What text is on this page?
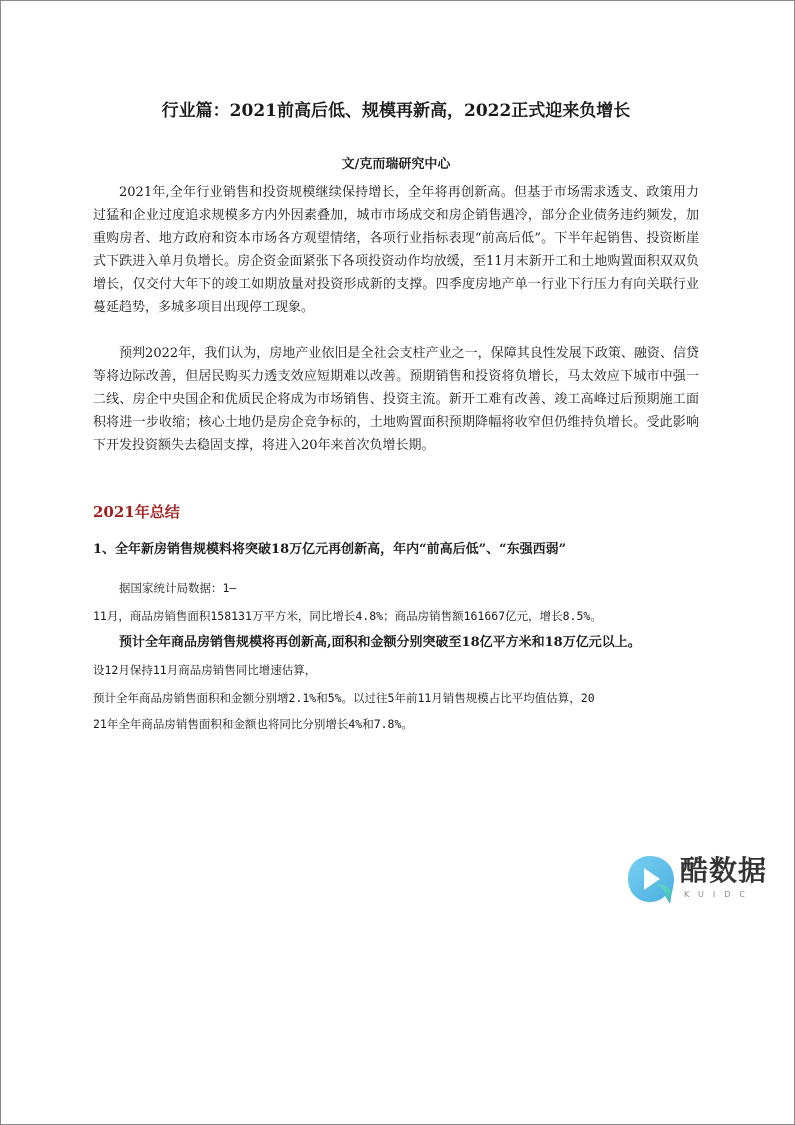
行业篇：2021前高后低、规模再新高，2022正式迎来负增长
文/克而瑞研究中心

2021年,全年行业销售和投资规模继续保持增长，全年将再创新高。但基于市场需求透支、政策用力过猛和企业过度追求规模多方内外因素叠加，城市市场成交和房企销售遇冷，部分企业债务违约频发，加重购房者、地方政府和资本市场各方观望情绪，各项行业指标表现“前高后低”。下半年起销售、投资断崖式下跌进入单月负增长。房企资金面紧张下各项投资动作均放缓，至11月末新开工和土地购置面积双双负增长，仅交付大年下的竣工如期放量对投资形成新的支撑。四季度房地产单一行业下行压力有向关联行业蔓延趋势，多城多项目出现停工现象。

预判2022年，我们认为，房地产业依旧是全社会支柱产业之一，保障其良性发展下政策、融资、信贷等将边际改善，但居民购买力透支效应短期难以改善。预期销售和投资将负增长，马太效应下城市中强一二线、房企中央国企和优质民企将成为市场销售、投资主流。新开工难有改善、竣工高峰过后预期施工面积将进一步收缩；核心土地仍是房企竞争标的，土地购置面积预期降幅将收窄但仍维持负增长。受此影响下开发投资额失去稳固支撑，将进入20年来首次负增长期。

2021年总结
1、全年新房销售规模料将突破18万亿元再创新高，年内“前高后低”、“东强西弱”
据国家统计局数据：1—
11月，商品房销售面积158131万平方米，同比增长4.8%；商品房销售额161667亿元，增长8.5%。
预计全年商品房销售规模将再创新高,面积和金额分别突破至18亿平方米和18万亿元以上。
设12月保持11月商品房销售同比增速估算，
预计全年商品房销售面积和金额分别增2.1%和5%。以过往5年前11月销售规模占比平均值估算，20
21年全年商品房销售面积和金额也将同比分别增长4%和7.8%。
酷数据
KUIDC
